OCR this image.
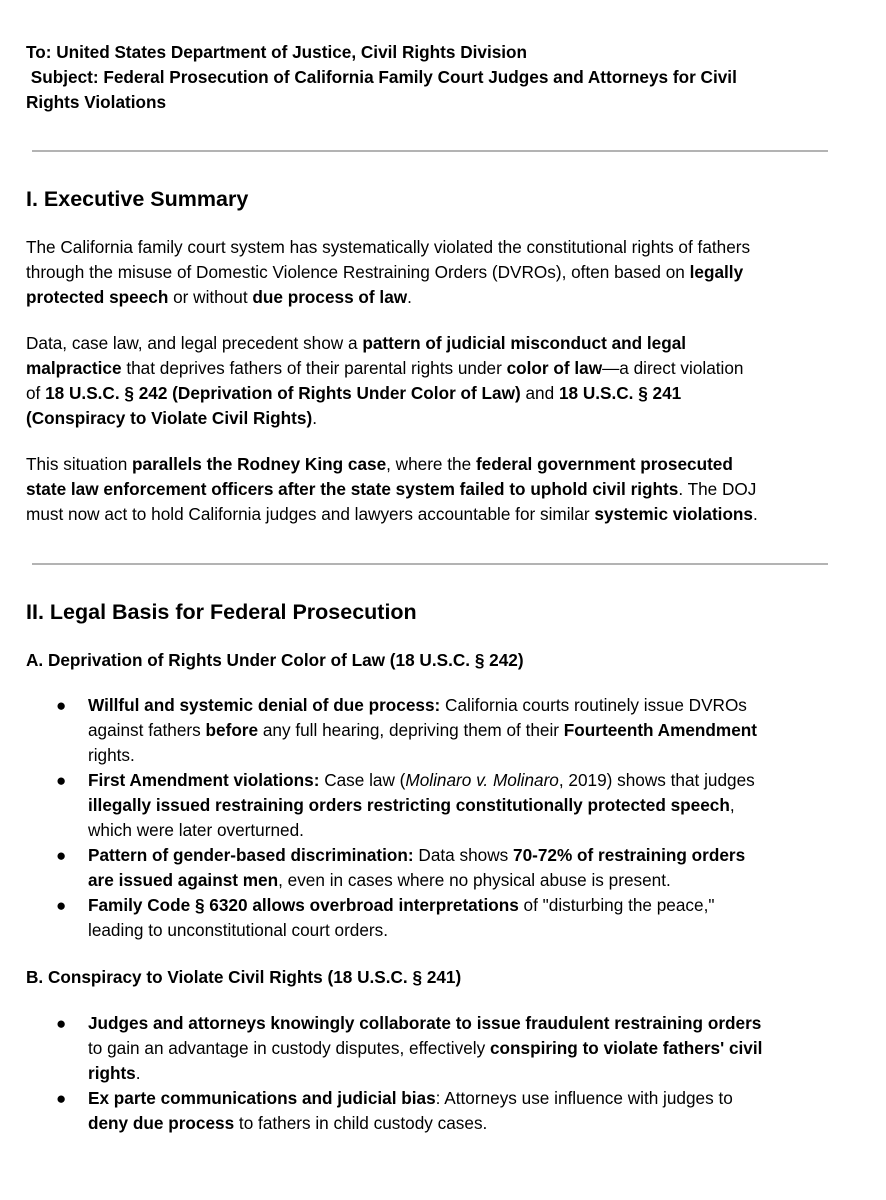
To: United States Department of Justice, Civil Rights Division
Subject: Federal Prosecution of California Family Court Judges and Attorneys for Civil
Rights Violations
I. Executive Summary
The California family court system has systematically violated the constitutional rights of fathers
through the misuse of Domestic Violence Restraining Orders (DVROs), often based on legally
protected speech or without due process of law.
Data, case law, and legal precedent show a pattern of judicial misconduct and legal
malpractice that deprives fathers of their parental rights under color of law—a direct violation
of 18 U.S.C. § 242 (Deprivation of Rights Under Color of Law) and 18 U.S.C. § 241
(Conspiracy to Violate Civil Rights).
This situation parallels the Rodney King case, where the federal government prosecuted
state law enforcement officers after the state system failed to uphold civil rights. The DOJ
must now act to hold California judges and lawyers accountable for similar systemic violations.
II. Legal Basis for Federal Prosecution
A. Deprivation of Rights Under Color of Law (18 U.S.C. § 242)
● Willful and systemic denial of due process: California courts routinely issue DVROs
against fathers before any full hearing, depriving them of their Fourteenth Amendment
rights.
● First Amendment violations: Case law (Molinaro v. Molinaro, 2019) shows that judges
illegally issued restraining orders restricting constitutionally protected speech,
which were later overturned.
● Pattern of gender-based discrimination: Data shows 70-72% of restraining orders
are issued against men, even in cases where no physical abuse is present.
● Family Code § 6320 allows overbroad interpretations of "disturbing the peace,"
leading to unconstitutional court orders.
B. Conspiracy to Violate Civil Rights (18 U.S.C. § 241)
● Judges and attorneys knowingly collaborate to issue fraudulent restraining orders
to gain an advantage in custody disputes, effectively conspiring to violate fathers' civil
rights.
● Ex parte communications and judicial bias: Attorneys use influence with judges to
deny due process to fathers in child custody cases.
